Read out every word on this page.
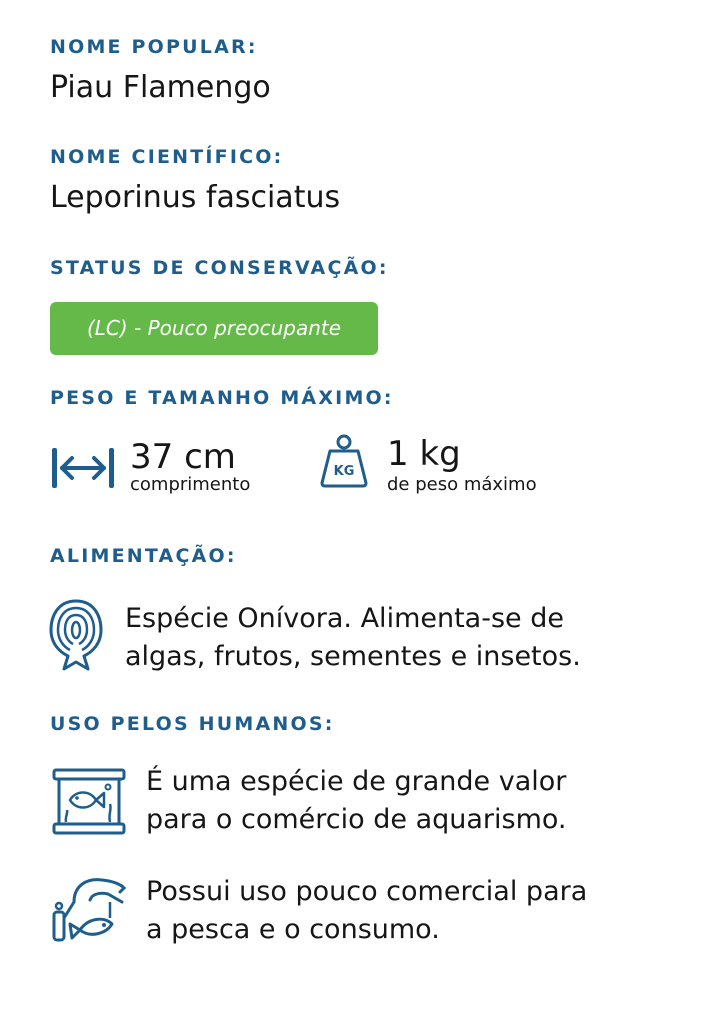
NOME POPULAR:
Piau Flamengo
NOME CIENTÍFICO:
Leporinus fasciatus
STATUS DE CONSERVAÇÃO:
(LC) - Pouco preocupante
PESO E TAMANHO MÁXIMO:
37 cm
comprimento
KG 1 kg
de peso máximo
ALIMENTAÇÃO:
Espécie Onívora. Alimenta-se de
algas, frutos, sementes e insetos.
USO PELOS HUMANOS:
É uma espécie de grande valor
para o comércio de aquarismo.
Possui uso pouco comercial para
a pesca e o consumo.
